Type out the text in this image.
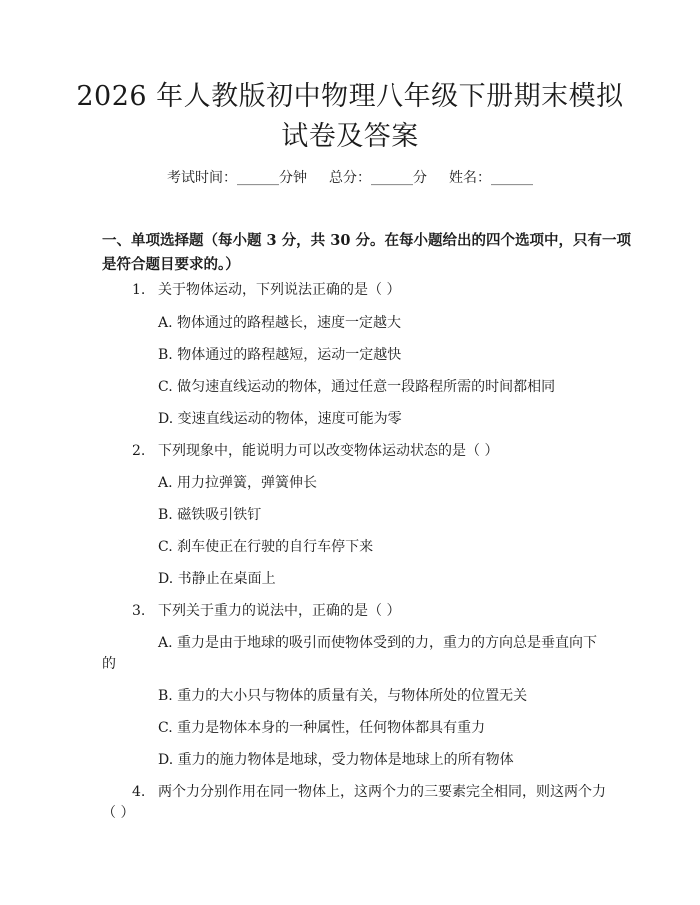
2026 年人教版初中物理八年级下册期末模拟
试卷及答案
考试时间：______分钟 总分：______分 姓名：______
一、单项选择题（每小题 3 分，共 30 分。在每小题给出的四个选项中，只有一项
是符合题目要求的。）
1. 关于物体运动，下列说法正确的是（ ）
A. 物体通过的路程越长，速度一定越大
B. 物体通过的路程越短，运动一定越快
C. 做匀速直线运动的物体，通过任意一段路程所需的时间都相同
D. 变速直线运动的物体，速度可能为零
2. 下列现象中，能说明力可以改变物体运动状态的是（ ）
A. 用力拉弹簧，弹簧伸长
B. 磁铁吸引铁钉
C. 刹车使正在行驶的自行车停下来
D. 书静止在桌面上
3. 下列关于重力的说法中，正确的是（ ）
A. 重力是由于地球的吸引而使物体受到的力，重力的方向总是垂直向下
的
B. 重力的大小只与物体的质量有关，与物体所处的位置无关
C. 重力是物体本身的一种属性，任何物体都具有重力
D. 重力的施力物体是地球，受力物体是地球上的所有物体
4. 两个力分别作用在同一物体上，这两个力的三要素完全相同，则这两个力
（ ）
